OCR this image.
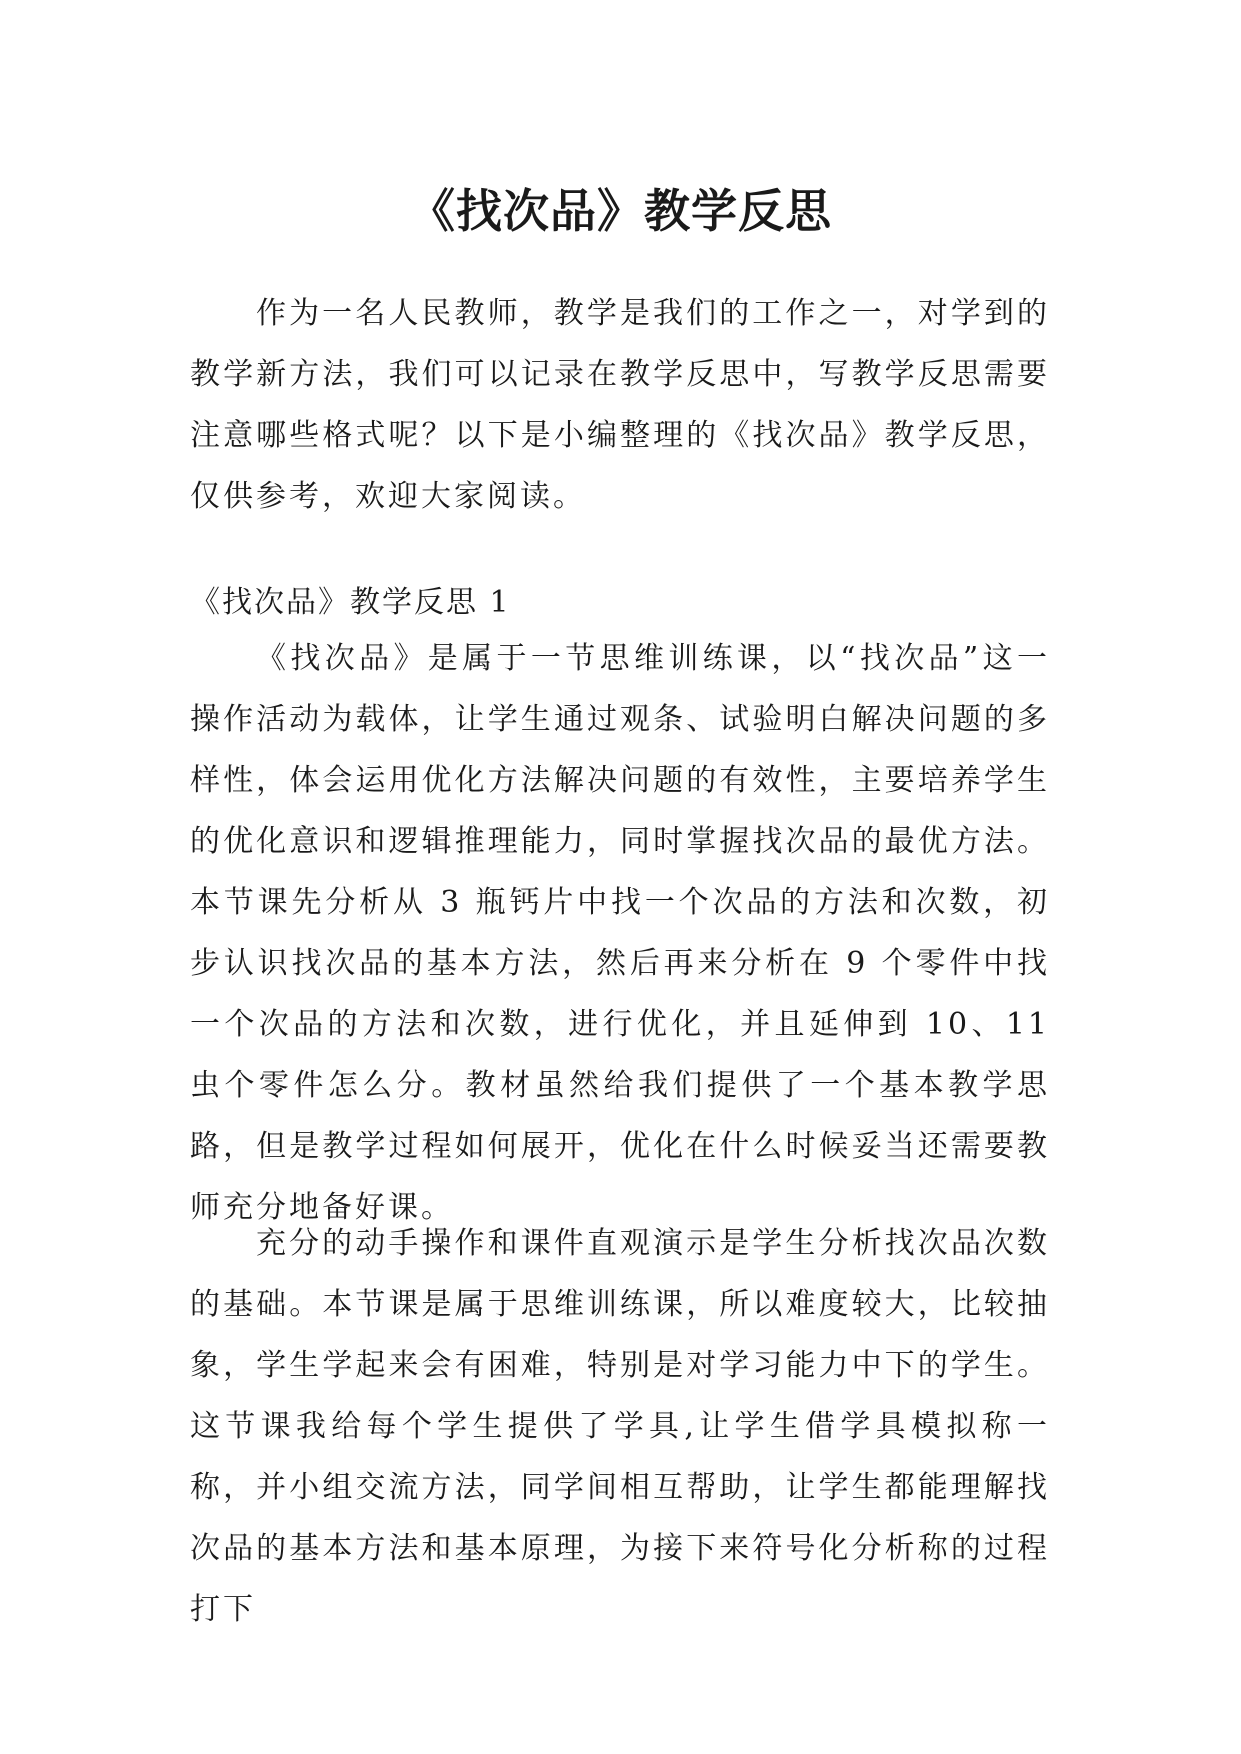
《找次品》教学反思

作为一名人民教师，教学是我们的工作之一，对学到的教学新方法，我们可以记录在教学反思中，写教学反思需要注意哪些格式呢？以下是小编整理的《找次品》教学反思，仅供参考，欢迎大家阅读。

《找次品》教学反思 1

《找次品》是属于一节思维训练课，以“找次品”这一操作活动为载体，让学生通过观条、试验明白解决问题的多样性，体会运用优化方法解决问题的有效性，主要培养学生的优化意识和逻辑推理能力，同时掌握找次品的最优方法。本节课先分析从 3 瓶钙片中找一个次品的方法和次数，初步认识找次品的基本方法，然后再来分析在 9 个零件中找一个次品的方法和次数，进行优化，并且延伸到 10、11 虫个零件怎么分。教材虽然给我们提供了一个基本教学思路，但是教学过程如何展开，优化在什么时候妥当还需要教师充分地备好课。

充分的动手操作和课件直观演示是学生分析找次品次数的基础。本节课是属于思维训练课，所以难度较大，比较抽象，学生学起来会有困难，特别是对学习能力中下的学生。这节课我给每个学生提供了学具,让学生借学具模拟称一称，并小组交流方法，同学间相互帮助，让学生都能理解找次品的基本方法和基本原理，为接下来符号化分析称的过程打下
